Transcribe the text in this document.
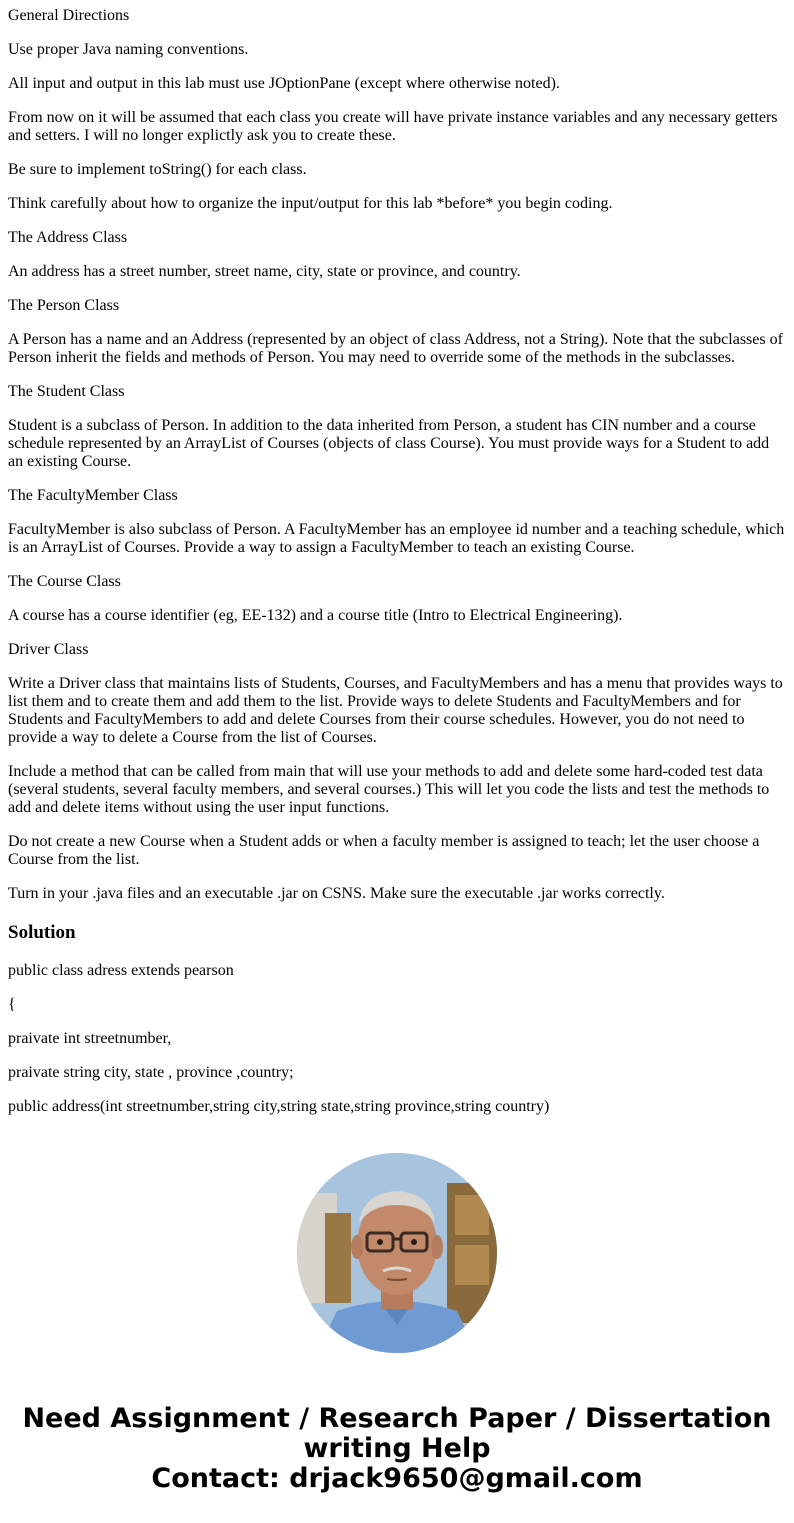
General Directions

Use proper Java naming conventions.

All input and output in this lab must use JOptionPane (except where otherwise noted).

From now on it will be assumed that each class you create will have private instance variables and any necessary getters and setters. I will no longer explictly ask you to create these.

Be sure to implement toString() for each class.

Think carefully about how to organize the input/output for this lab *before* you begin coding.

The Address Class

An address has a street number, street name, city, state or province, and country.

The Person Class

A Person has a name and an Address (represented by an object of class Address, not a String). Note that the subclasses of Person inherit the fields and methods of Person. You may need to override some of the methods in the subclasses.

The Student Class

Student is a subclass of Person. In addition to the data inherited from Person, a student has CIN number and a course schedule represented by an ArrayList of Courses (objects of class Course). You must provide ways for a Student to add an existing Course.

The FacultyMember Class

FacultyMember is also subclass of Person. A FacultyMember has an employee id number and a teaching schedule, which is an ArrayList of Courses. Provide a way to assign a FacultyMember to teach an existing Course.

The Course Class

A course has a course identifier (eg, EE-132) and a course title (Intro to Electrical Engineering).

Driver Class

Write a Driver class that maintains lists of Students, Courses, and FacultyMembers and has a menu that provides ways to list them and to create them and add them to the list. Provide ways to delete Students and FacultyMembers and for Students and FacultyMembers to add and delete Courses from their course schedules. However, you do not need to provide a way to delete a Course from the list of Courses.

Include a method that can be called from main that will use your methods to add and delete some hard-coded test data (several students, several faculty members, and several courses.) This will let you code the lists and test the methods to add and delete items without using the user input functions.

Do not create a new Course when a Student adds or when a faculty member is assigned to teach; let the user choose a Course from the list.

Turn in your .java files and an executable .jar on CSNS. Make sure the executable .jar works correctly.

Solution

public class adress extends pearson

{

praivate int streetnumber,

praivate string city, state , province ,country;

public address(int streetnumber,string city,string state,string province,string country)

Need Assignment / Research Paper / Dissertation
writing Help
Contact: drjack9650@gmail.com
